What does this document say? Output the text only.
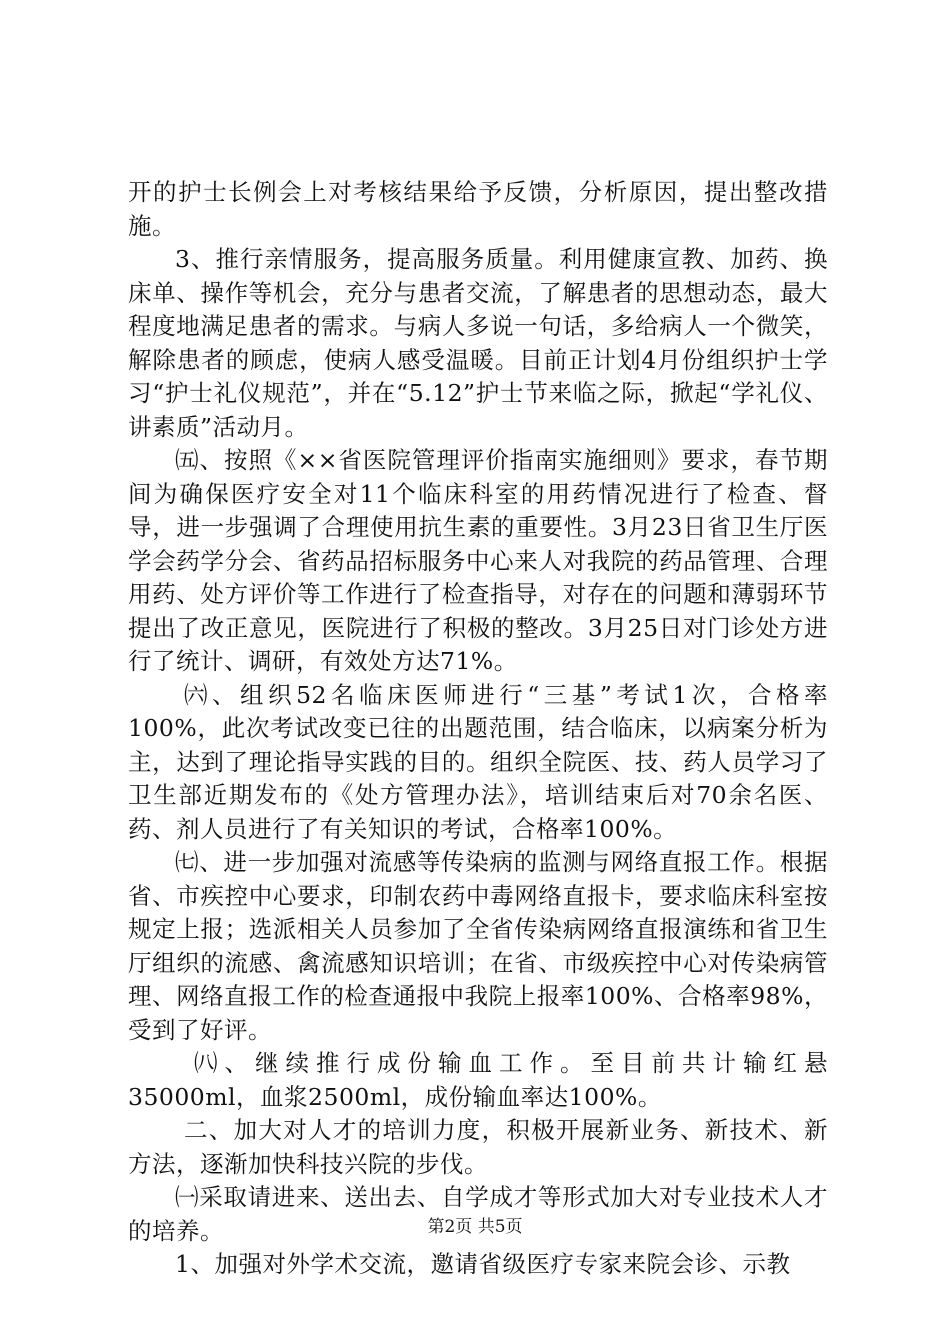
开的护士长例会上对考核结果给予反馈，分析原因，提出整改措施。

3、推行亲情服务，提高服务质量。利用健康宣教、加药、换床单、操作等机会，充分与患者交流，了解患者的思想动态，最大程度地满足患者的需求。与病人多说一句话，多给病人一个微笑，解除患者的顾虑，使病人感受温暖。目前正计划4月份组织护士学习“护士礼仪规范”，并在“5.12”护士节来临之际，掀起“学礼仪、讲素质”活动月。

㈤、按照《××省医院管理评价指南实施细则》要求，春节期间为确保医疗安全对11个临床科室的用药情况进行了检查、督导，进一步强调了合理使用抗生素的重要性。3月23日省卫生厅医学会药学分会、省药品招标服务中心来人对我院的药品管理、合理用药、处方评价等工作进行了检查指导，对存在的问题和薄弱环节提出了改正意见，医院进行了积极的整改。3月25日对门诊处方进行了统计、调研，有效处方达71%。

㈥、组织52名临床医师进行“三基”考试1次，合格率100%，此次考试改变已往的出题范围，结合临床，以病案分析为主，达到了理论指导实践的目的。组织全院医、技、药人员学习了卫生部近期发布的《处方管理办法》，培训结束后对70余名医、药、剂人员进行了有关知识的考试，合格率100%。

㈦、进一步加强对流感等传染病的监测与网络直报工作。根据省、市疾控中心要求，印制农药中毒网络直报卡，要求临床科室按规定上报；选派相关人员参加了全省传染病网络直报演练和省卫生厅组织的流感、禽流感知识培训；在省、市级疾控中心对传染病管理、网络直报工作的检查通报中我院上报率100%、合格率98%，受到了好评。

㈧、继续推行成份输血工作。至目前共计输红悬35000ml，血浆2500ml，成份输血率达100%。

二、加大对人才的培训力度，积极开展新业务、新技术、新方法，逐渐加快科技兴院的步伐。

㈠采取请进来、送出去、自学成才等形式加大对专业技术人才的培养。

1、加强对外学术交流，邀请省级医疗专家来院会诊、示教

第2页 共5页
